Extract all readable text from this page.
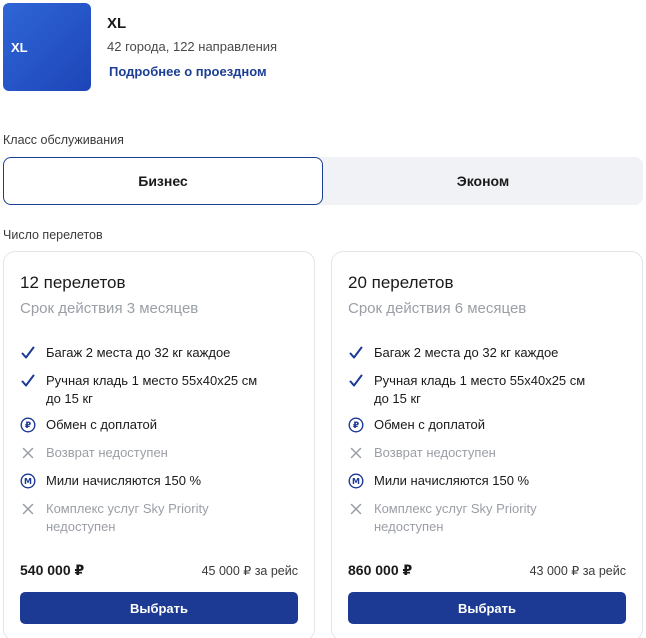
XL
XL
42 города, 122 направления
Подробнее о проездном
Класс обслуживания
Бизнес	Эконом
Число перелетов
12 перелетов
Срок действия 3 месяцев
Багаж 2 места до 32 кг каждое
Ручная кладь 1 место 55x40x25 см
до 15 кг
₽ Обмен с доплатой
Возврат недоступен
М Мили начисляются 150 %
Комплекс услуг Sky Priority
недоступен
540 000 ₽	45 000 ₽ за рейс
Выбрать
20 перелетов
Срок действия 6 месяцев
Багаж 2 места до 32 кг каждое
Ручная кладь 1 место 55x40x25 см
до 15 кг
₽ Обмен с доплатой
Возврат недоступен
М Мили начисляются 150 %
Комплекс услуг Sky Priority
недоступен
860 000 ₽	43 000 ₽ за рейс
Выбрать
